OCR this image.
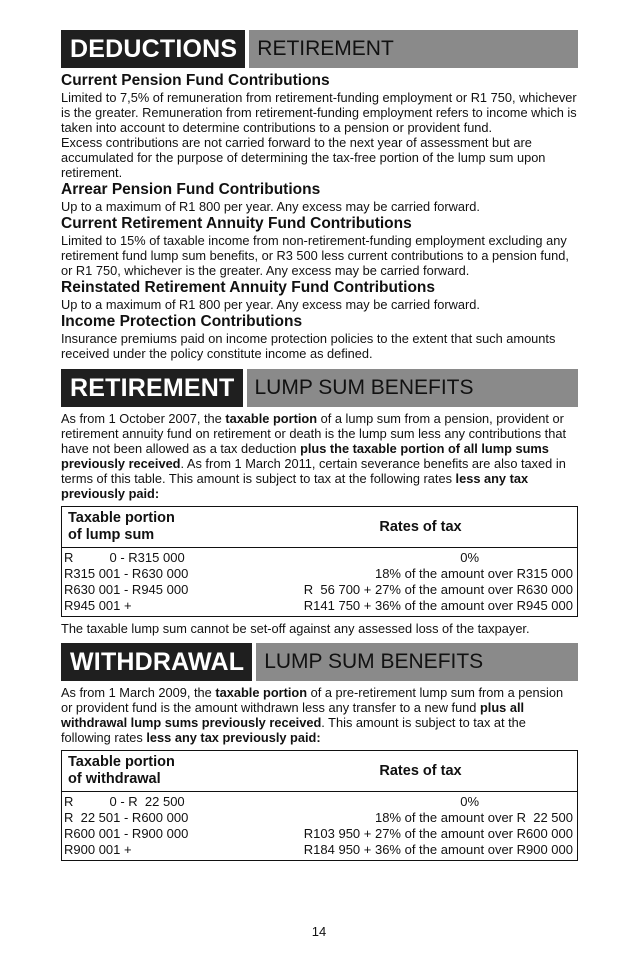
DEDUCTIONS RETIREMENT
Current Pension Fund Contributions

Limited to 7,5% of remuneration from retirement-funding employment or R1 750, whichever is the greater. Remuneration from retirement-funding employment refers to income which is taken into account to determine contributions to a pension or provident fund.

Excess contributions are not carried forward to the next year of assessment but are accumulated for the purpose of determining the tax-free portion of the lump sum upon retirement.

Arrear Pension Fund Contributions

Up to a maximum of R1 800 per year. Any excess may be carried forward.

Current Retirement Annuity Fund Contributions

Limited to 15% of taxable income from non-retirement-funding employment excluding any retirement fund lump sum benefits, or R3 500 less current contributions to a pension fund, or R1 750, whichever is the greater. Any excess may be carried forward.

Reinstated Retirement Annuity Fund Contributions

Up to a maximum of R1 800 per year. Any excess may be carried forward.

Income Protection Contributions

Insurance premiums paid on income protection policies to the extent that such amounts received under the policy constitute income as defined.

RETIREMENT LUMP SUM BENEFITS

As from 1 October 2007, the taxable portion of a lump sum from a pension, provident or retirement annuity fund on retirement or death is the lump sum less any contributions that have not been allowed as a tax deduction plus the taxable portion of all lump sums previously received. As from 1 March 2011, certain severance benefits are also taxed in terms of this table. This amount is subject to tax at the following rates less any tax previously paid:

Taxable portion
of lump sum	Rates of tax
R          0 - R315 000	0%
R315 001 - R630 000	18% of the amount over R315 000
R630 001 - R945 000	R  56 700 + 27% of the amount over R630 000
R945 001 +	R141 750 + 36% of the amount over R945 000

The taxable lump sum cannot be set-off against any assessed loss of the taxpayer.

WITHDRAWAL LUMP SUM BENEFITS

As from 1 March 2009, the taxable portion of a pre-retirement lump sum from a pension or provident fund is the amount withdrawn less any transfer to a new fund plus all withdrawal lump sums previously received. This amount is subject to tax at the following rates less any tax previously paid:

Taxable portion
of withdrawal	Rates of tax
R          0 - R  22 500	0%
R  22 501 - R600 000	18% of the amount over R  22 500
R600 001 - R900 000	R103 950 + 27% of the amount over R600 000
R900 001 +	R184 950 + 36% of the amount over R900 000
14
